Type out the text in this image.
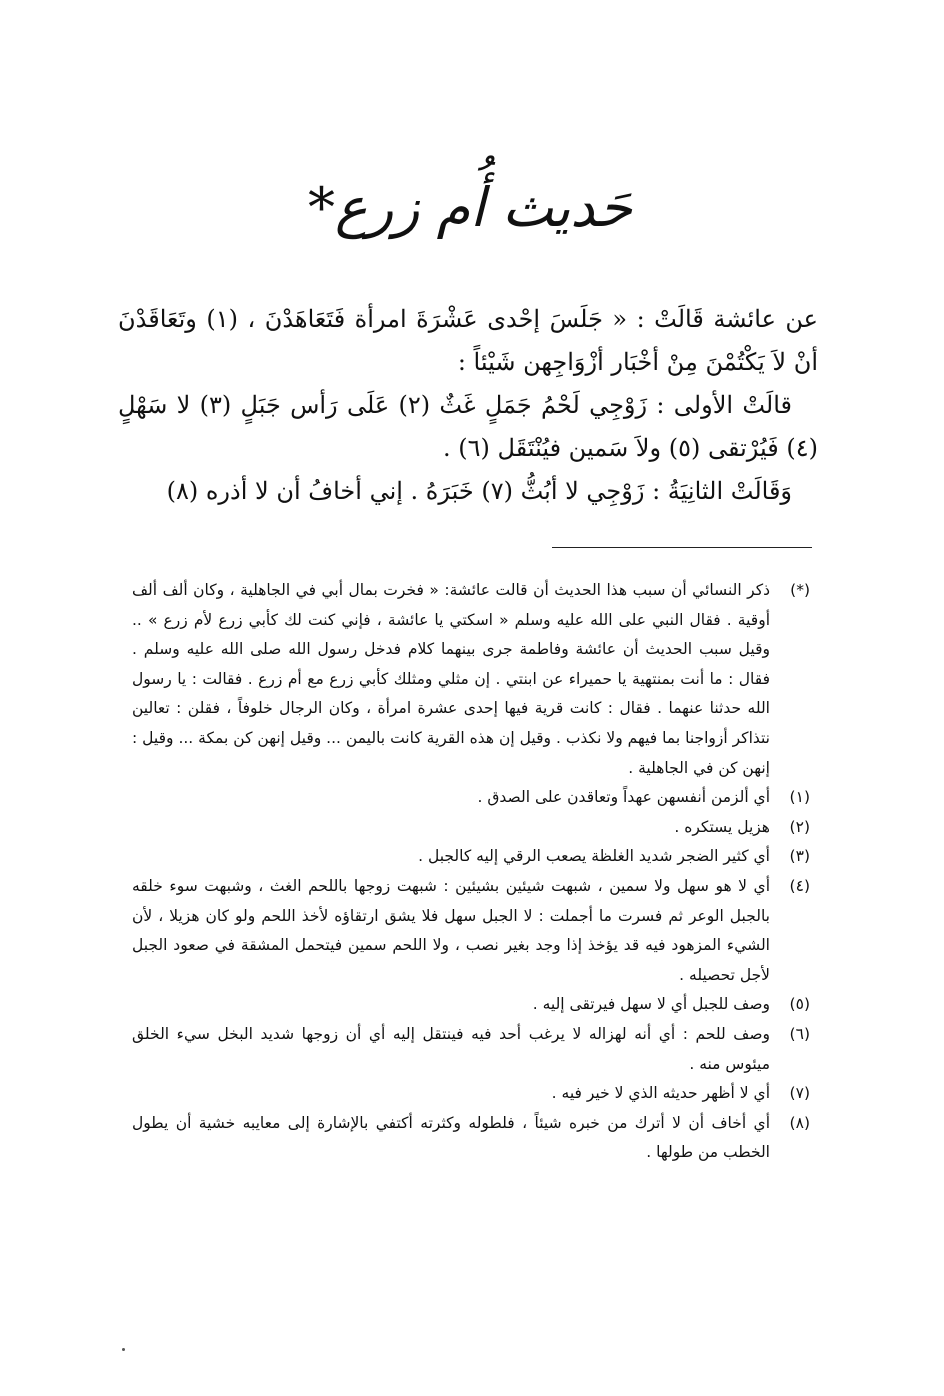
حَديث أُم زرع*

عن عائشة قَالَتْ : « جَلَسَ إحْدى عَشْرَةَ امرأة فَتَعَاهَدْنَ ، (١) وتَعَاقَدْنَ أنْ لاَ يَكْتُمْنَ مِنْ أخْبَار أزْوَاجِهن شَيْئاً :

قالَتْ الأولى : زَوْجِي لَحْمُ جَمَلٍ غَثٌ (٢) عَلَى رَأس جَبَلٍ (٣) لا سَهْلٍ (٤) فَيُرْتقى (٥) ولاَ سَمين فيُنْتَقَل (٦) .

وَقَالَتْ الثانِيَةُ : زَوْجِي لا أبُثُّ (٧) خَبَرَهُ . إني أخافُ أن لا أذره (٨)

(*)
ذكر النسائي أن سبب هذا الحديث أن قالت عائشة: « فخرت بمال أبي في الجاهلية ، وكان ألف ألف أوقية . فقال النبي على الله عليه وسلم « اسكتي يا عائشة ، فإني كنت لك كأبي زرع لأم زرع » .. وقيل سبب الحديث أن عائشة وفاطمة جرى بينهما كلام فدخل رسول الله صلى الله عليه وسلم . فقال : ما أنت بمنتهية يا حميراء عن ابنتي . إن مثلي ومثلك كأبي زرع مع أم زرع . فقالت : يا رسول الله حدثنا عنهما . فقال : كانت قرية فيها إحدى عشرة امرأة ، وكان الرجال خلوفاً ، فقلن : تعالين نتذاكر أزواجنا بما فيهم ولا نكذب . وقيل إن هذه القرية كانت باليمن ... وقيل إنهن كن بمكة ... وقيل : إنهن كن في الجاهلية .
(١)
أي ألزمن أنفسهن عهداً وتعاقدن على الصدق .
(٢)
هزيل يستكره .
(٣)
أي كثير الضجر شديد الغلظة يصعب الرقي إليه كالجبل .
(٤)
أي لا هو سهل ولا سمين ، شبهت شيئين بشيئين : شبهت زوجها باللحم الغث ، وشبهت سوء خلقه بالجبل الوعر ثم فسرت ما أجملت : لا الجبل سهل فلا يشق ارتقاؤه لأخذ اللحم ولو كان هزيلا ، لأن الشيء المزهود فيه قد يؤخذ إذا وجد بغير نصب ، ولا اللحم سمين فيتحمل المشقة في صعود الجبل لأجل تحصيله .
(٥)
وصف للجبل أي لا سهل فيرتقى إليه .
(٦)
وصف للحم : أي أنه لهزاله لا يرغب أحد فيه فينتقل إليه أي أن زوجها شديد البخل سيء الخلق ميئوس منه .
(٧)
أي لا أظهر حديثه الذي لا خير فيه .
(٨)
أي أخاف أن لا أترك من خبره شيئاً ، فلطوله وكثرته أكتفي بالإشارة إلى معايبه خشية أن يطول الخطب من طولها .
